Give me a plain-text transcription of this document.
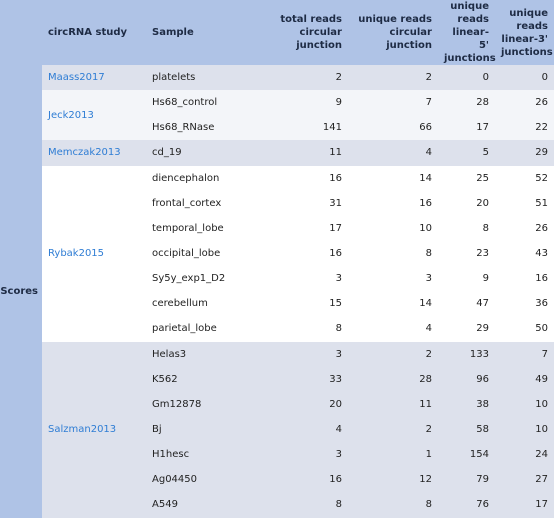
	circRNA study	Sample	total reads
circular
junction	unique reads
circular
junction	unique
reads
linear-5'
junctions	unique
reads
linear-3'
junctions
Scores	Maass2017	platelets	2	2	0	0
	Jeck2013	Hs68_control	9	7	28	26
		Hs68_RNase	141	66	17	22
	Memczak2013	cd_19	11	4	5	29
	Rybak2015	diencephalon	16	14	25	52
		frontal_cortex	31	16	20	51
		temporal_lobe	17	10	8	26
		occipital_lobe	16	8	23	43
		Sy5y_exp1_D2	3	3	9	16
		cerebellum	15	14	47	36
		parietal_lobe	8	4	29	50
	Salzman2013	Helas3	3	2	133	7
		K562	33	28	96	49
		Gm12878	20	11	38	10
		Bj	4	2	58	10
		H1hesc	3	1	154	24
		Ag04450	16	12	79	27
		A549	8	8	76	17
